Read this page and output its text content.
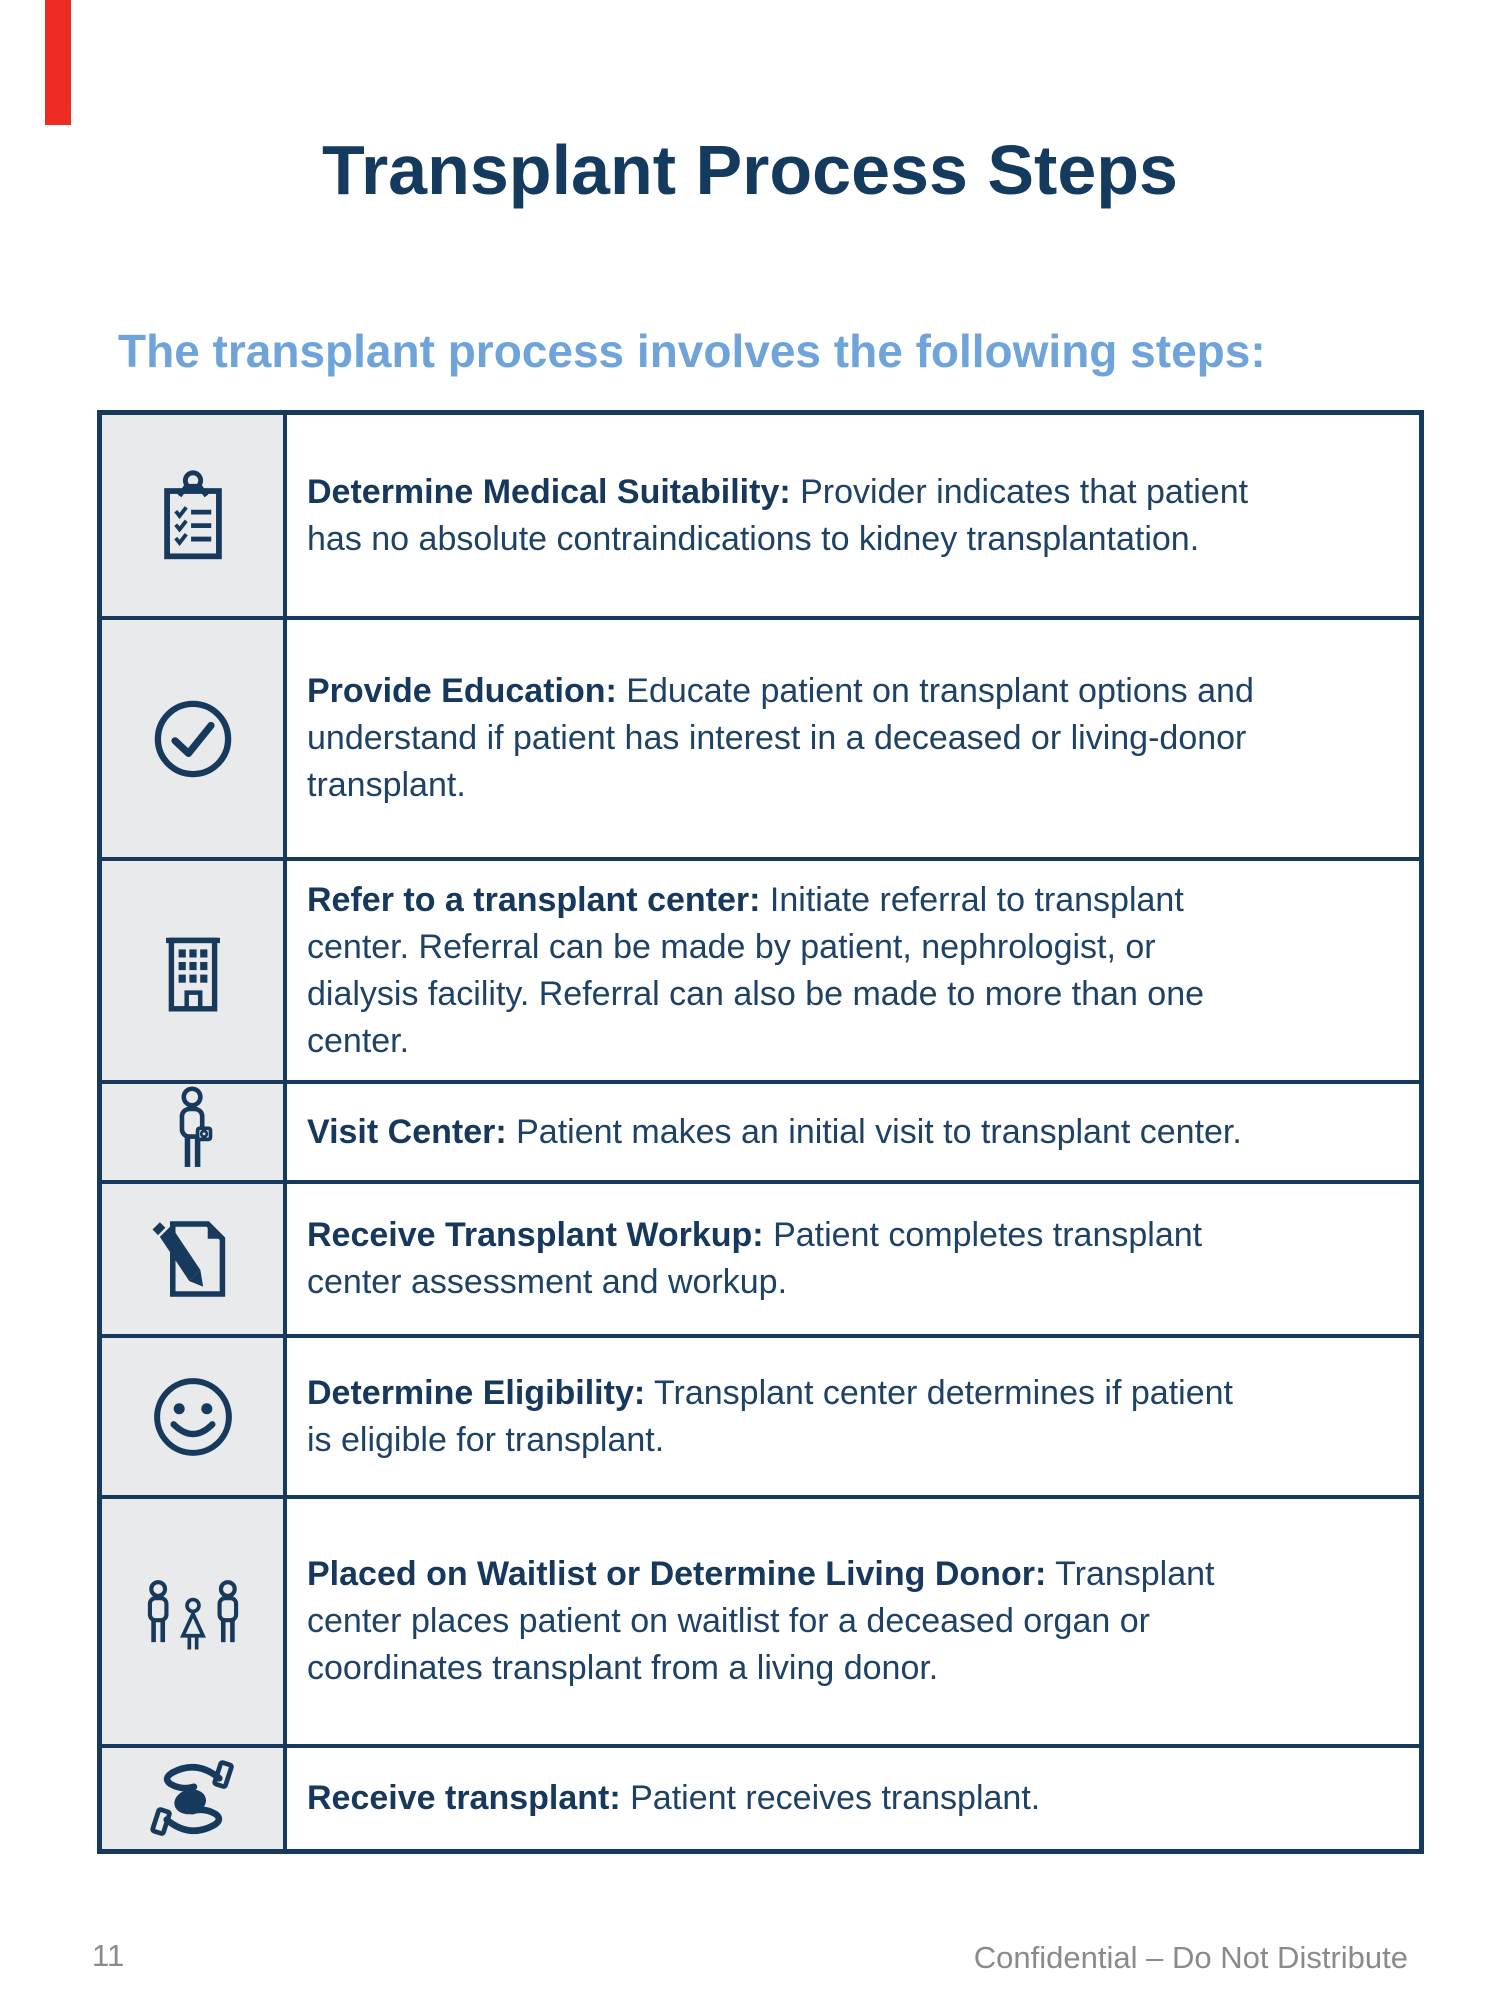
Transplant Process Steps
The transplant process involves the following steps:

Determine Medical Suitability: Provider indicates that patient
has no absolute contraindications to kidney transplantation.

Provide Education: Educate patient on transplant options and
understand if patient has interest in a deceased or living-donor
transplant.

Refer to a transplant center: Initiate referral to transplant
center. Referral can be made by patient, nephrologist, or
dialysis facility. Referral can also be made to more than one
center.

Visit Center: Patient makes an initial visit to transplant center.

Receive Transplant Workup: Patient completes transplant
center assessment and workup.

Determine Eligibility: Transplant center determines if patient
is eligible for transplant.

Placed on Waitlist or Determine Living Donor: Transplant
center places patient on waitlist for a deceased organ or
coordinates transplant from a living donor.

Receive transplant: Patient receives transplant.

11	Confidential – Do Not Distribute
